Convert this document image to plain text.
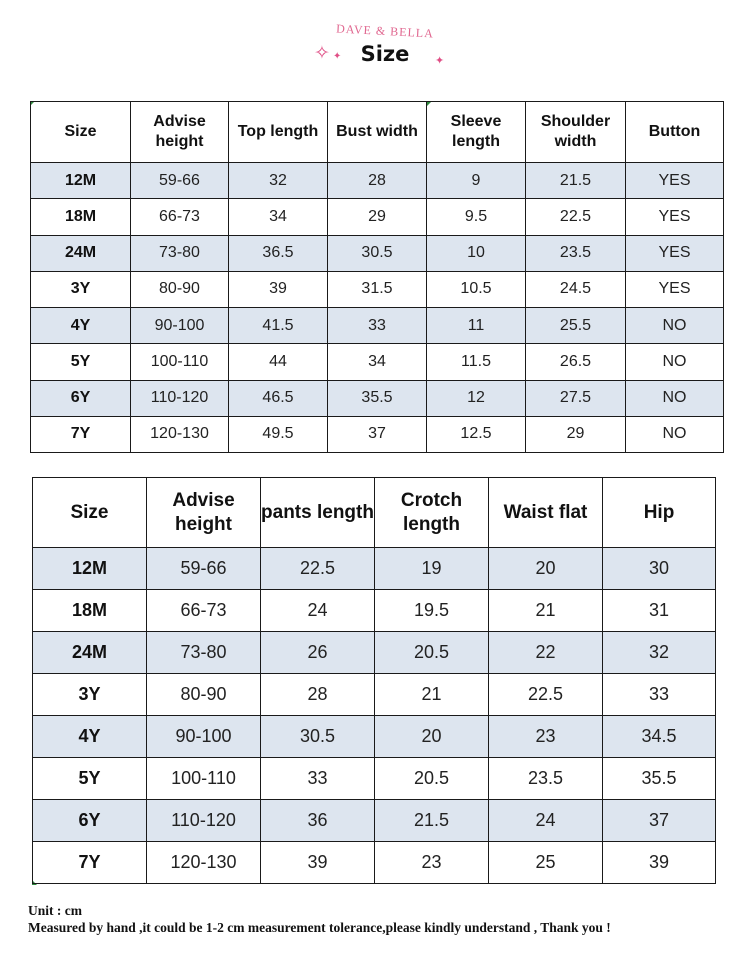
DAVE & BELLA
✧ ✦ Size	✦
Size	Advise height	Top length	Bust width	Sleeve length	Shoulder width	Button
12M	59-66	32	28	9	21.5	YES
18M	66-73	34	29	9.5	22.5	YES
24M	73-80	36.5	30.5	10	23.5	YES
3Y	80-90	39	31.5	10.5	24.5	YES
4Y	90-100	41.5	33	11	25.5	NO
5Y	100-110	44	34	11.5	26.5	NO
6Y	110-120	46.5	35.5	12	27.5	NO
7Y	120-130	49.5	37	12.5	29	NO
Size	Advise height	pants length	Crotch length	Waist flat	Hip
12M	59-66	22.5	19	20	30
18M	66-73	24	19.5	21	31
24M	73-80	26	20.5	22	32
3Y	80-90	28	21	22.5	33
4Y	90-100	30.5	20	23	34.5
5Y	100-110	33	20.5	23.5	35.5
6Y	110-120	36	21.5	24	37
7Y	120-130	39	23	25	39
Unit : cm
Measured by hand ,it could be 1-2 cm measurement tolerance,please kindly understand , Thank you !
